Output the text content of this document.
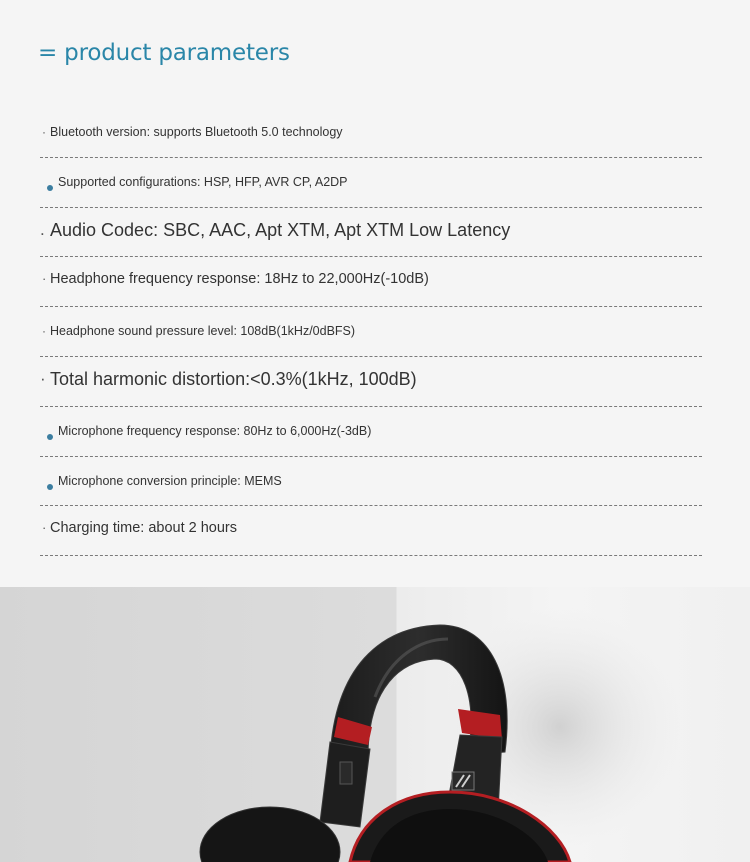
= product parameters
· Bluetooth version: supports Bluetooth 5.0 technology
Supported configurations: HSP, HFP, AVR CP, A2DP
. Audio Codec: SBC, AAC, Apt XTM, Apt XTM Low Latency
· Headphone frequency response: 18Hz to 22,000Hz(-10dB)
· Headphone sound pressure level: 108dB(1kHz/0dBFS)
· Total harmonic distortion:<0.3%(1kHz, 100dB)
Microphone frequency response: 80Hz to 6,000Hz(-3dB)
Microphone conversion principle: MEMS
· Charging time: about 2 hours
